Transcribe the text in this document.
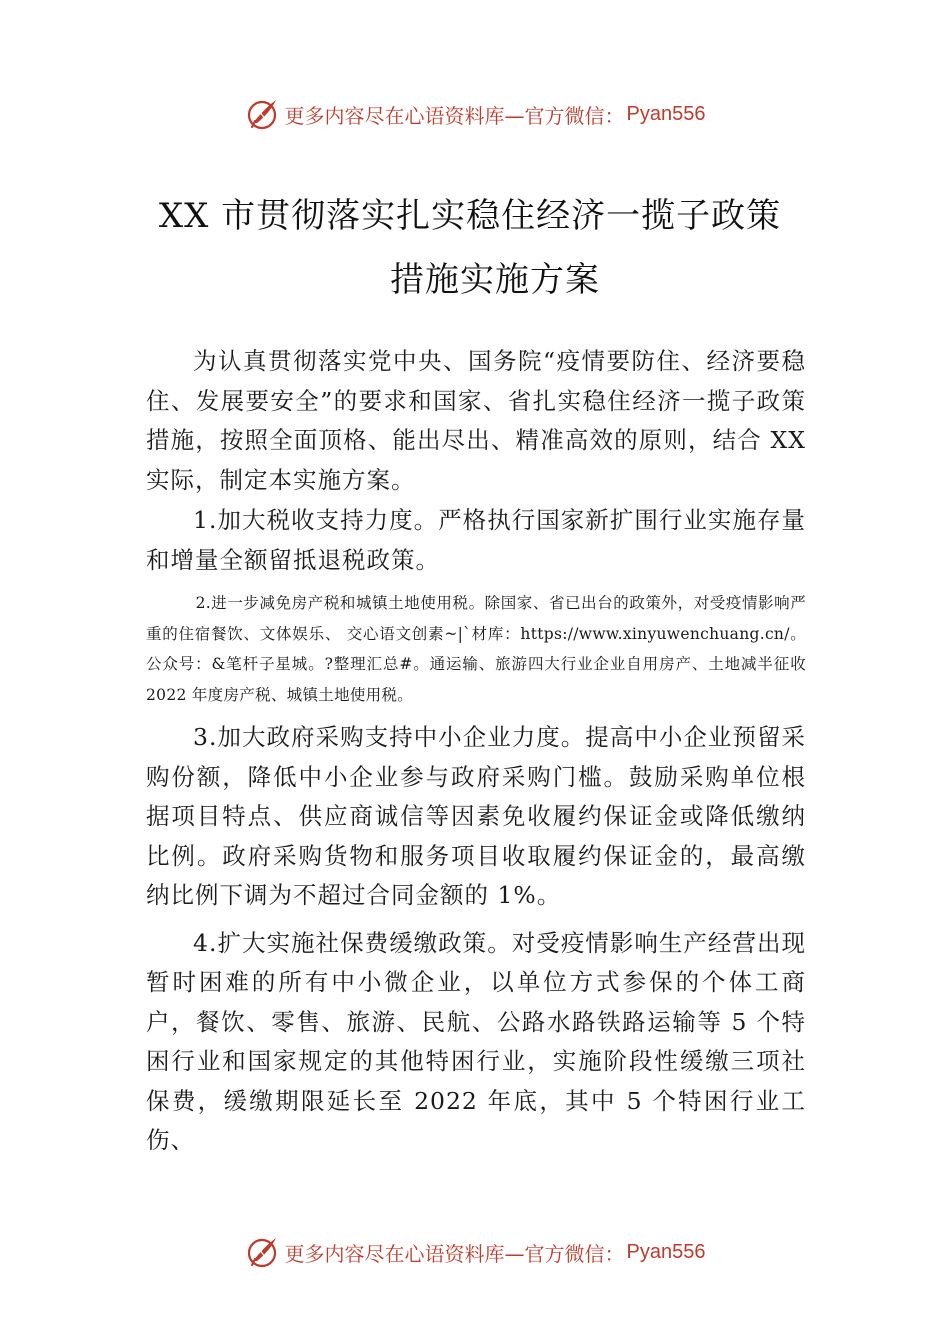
更多内容尽在心语资料库 —官方微信： Pyan556
XX 市贯彻落实扎实稳住经济一揽子政策
措施实施方案

为认真贯彻落实党中央、国务院“疫情要防住、经济要稳住、发展要安全”的要求和国家、省扎实稳住经济一揽子政策措施，按照全面顶格、能出尽出、精准高效的原则，结合 XX 实际，制定本实施方案。

1.加大税收支持力度。严格执行国家新扩围行业实施存量和增量全额留抵退税政策。

2.进一步减免房产税和城镇土地使用税。除国家、省已出台的政策外，对受疫情影响严重的住宿餐饮、文体娱乐、 交心语文创素~|`材库：https://www.xinyuwenchuang.cn/。公众号：&笔杆子星城。?整理汇总#。通运输、旅游四大行业企业自用房产、土地减半征收 2022 年度房产税、城镇土地使用税。

3.加大政府采购支持中小企业力度。提高中小企业预留采购份额，降低中小企业参与政府采购门槛。鼓励采购单位根据项目特点、供应商诚信等因素免收履约保证金或降低缴纳比例。政府采购货物和服务项目收取履约保证金的，最高缴纳比例下调为不超过合同金额的 1%。

4.扩大实施社保费缓缴政策。对受疫情影响生产经营出现暂时困难的所有中小微企业，以单位方式参保的个体工商户，餐饮、零售、旅游、民航、公路水路铁路运输等 5 个特困行业和国家规定的其他特困行业，实施阶段性缓缴三项社保费，缓缴期限延长至 2022 年底，其中 5 个特困行业工伤、

更多内容尽在心语资料库 —官方微信： Pyan556
